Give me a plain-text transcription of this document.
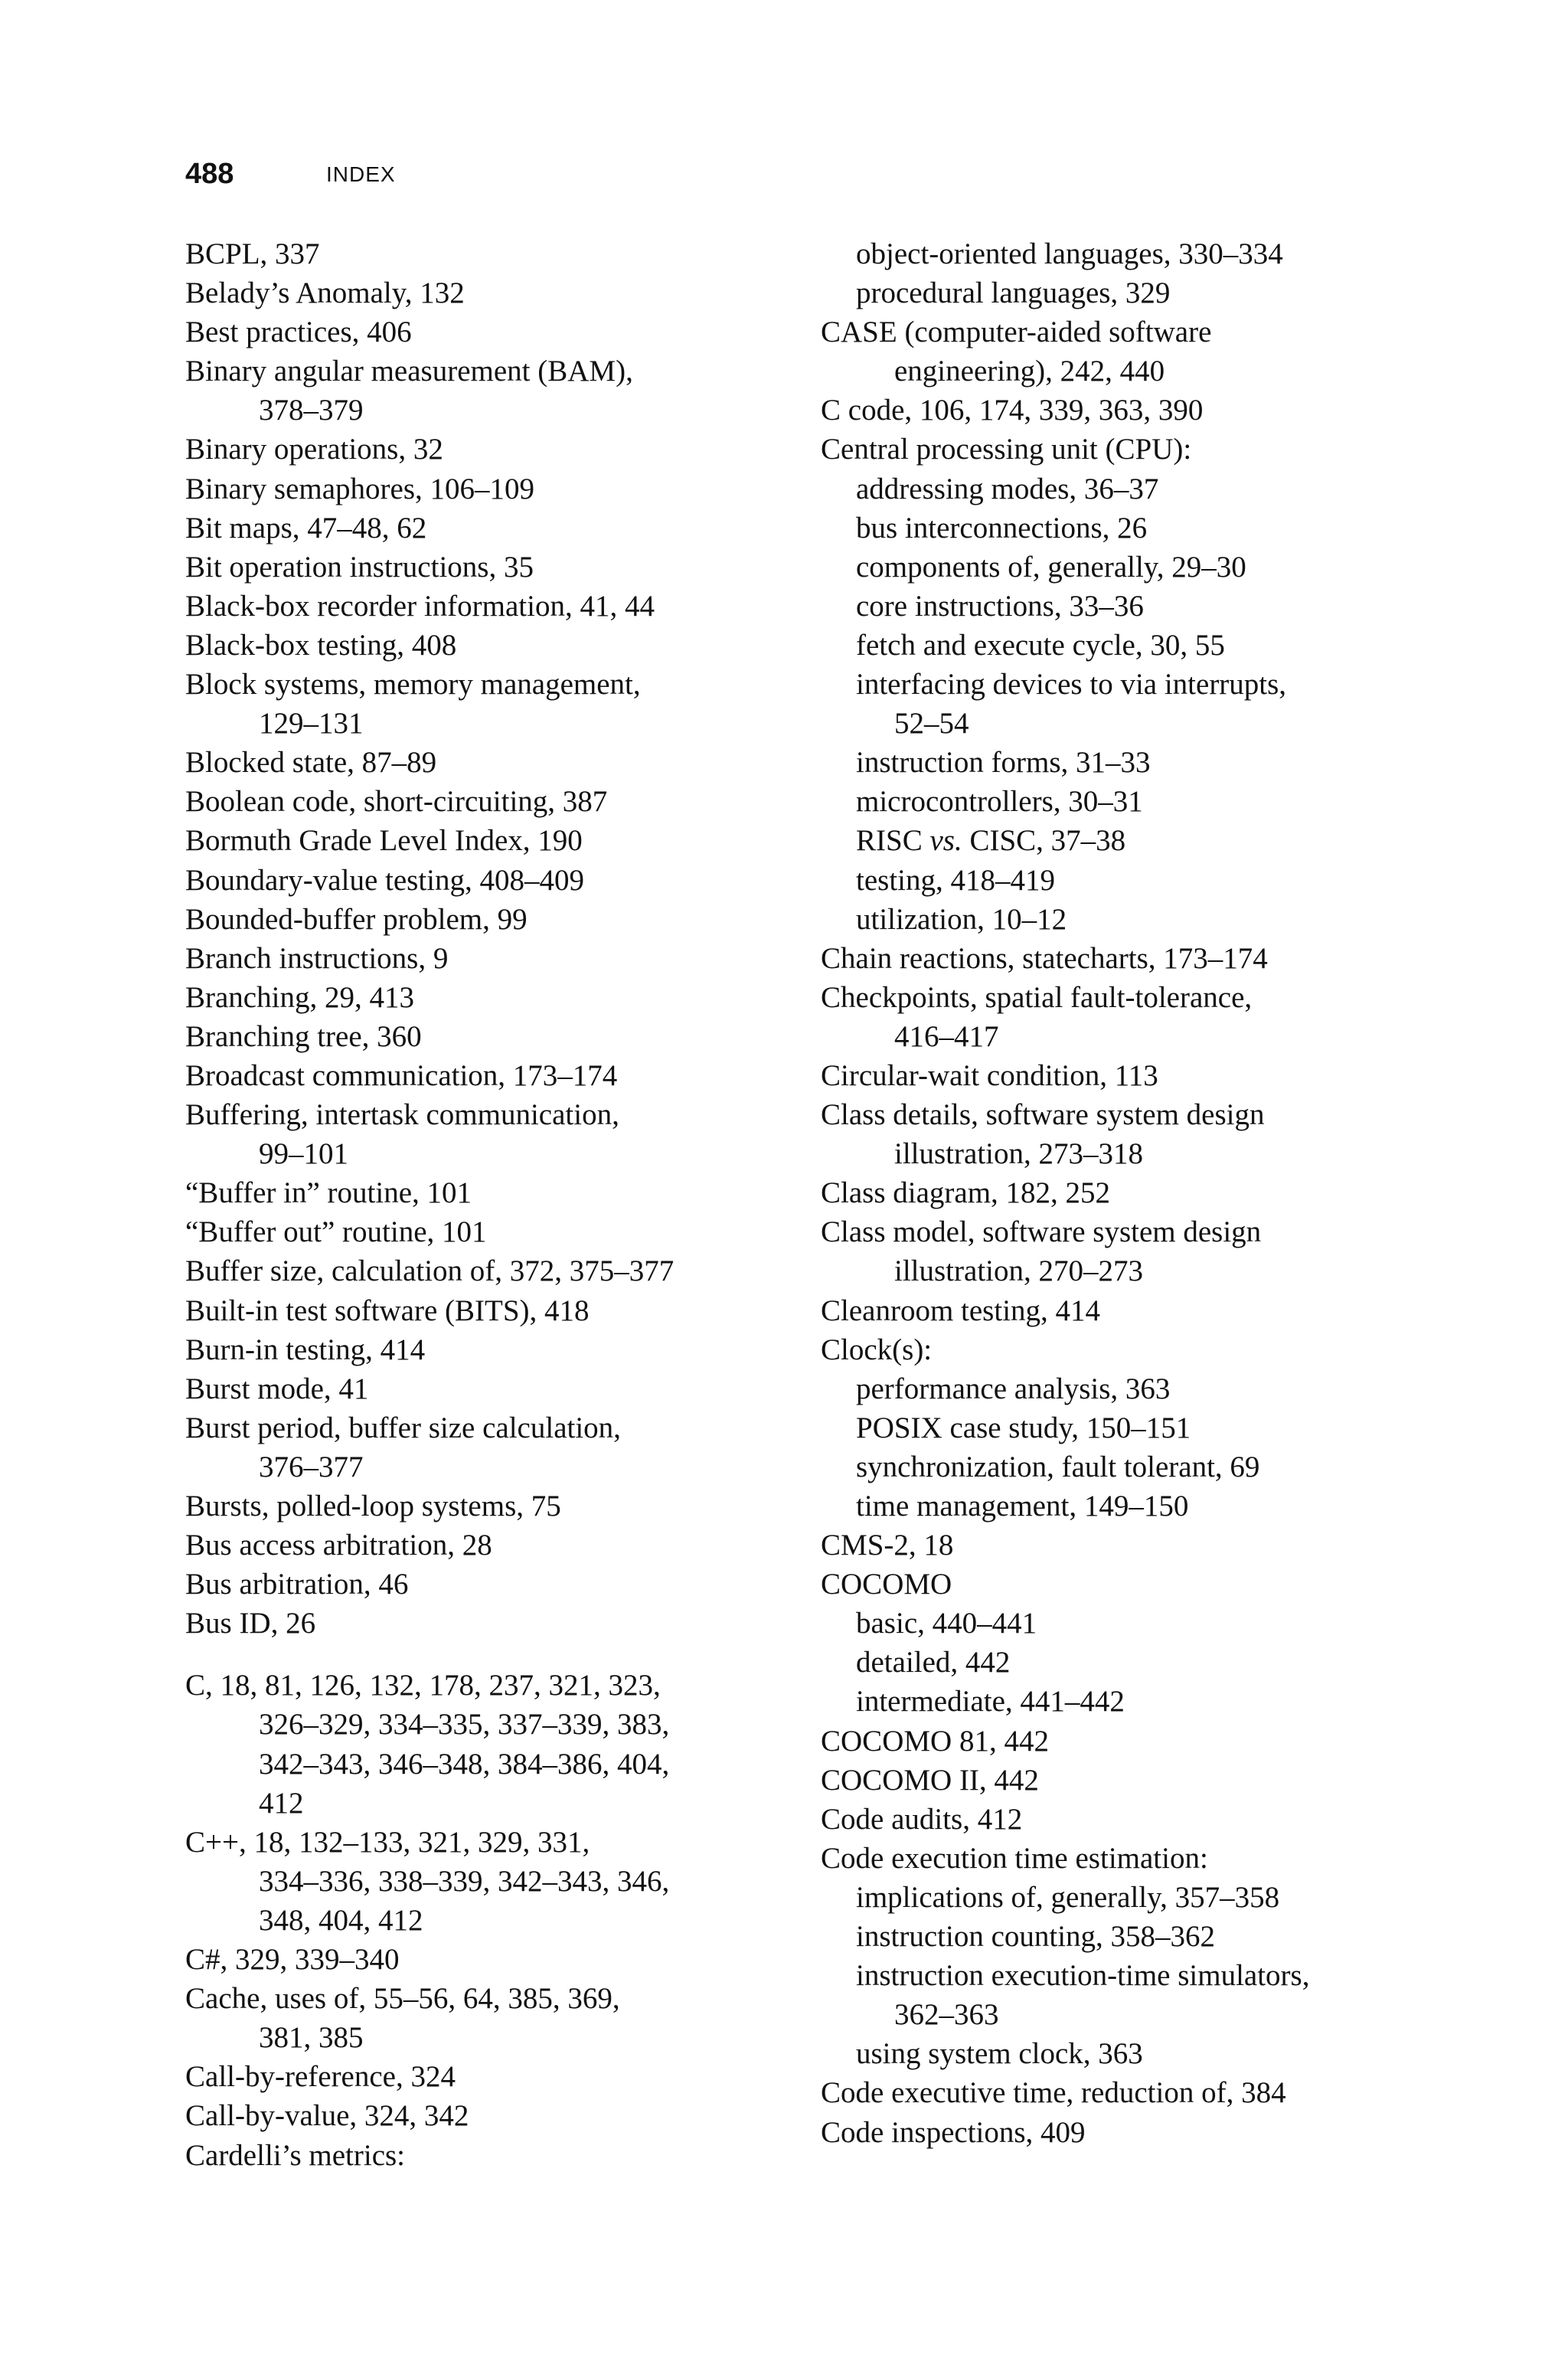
488	INDEX
BCPL, 337
Belady’s Anomaly, 132
Best practices, 406
Binary angular measurement (BAM),
378–379
Binary operations, 32
Binary semaphores, 106–109
Bit maps, 47–48, 62
Bit operation instructions, 35
Black-box recorder information, 41, 44
Black-box testing, 408
Block systems, memory management,
129–131
Blocked state, 87–89
Boolean code, short-circuiting, 387
Bormuth Grade Level Index, 190
Boundary-value testing, 408–409
Bounded-buffer problem, 99
Branch instructions, 9
Branching, 29, 413
Branching tree, 360
Broadcast communication, 173–174
Buffering, intertask communication,
99–101
“Buffer in” routine, 101
“Buffer out” routine, 101
Buffer size, calculation of, 372, 375–377
Built-in test software (BITS), 418
Burn-in testing, 414
Burst mode, 41
Burst period, buffer size calculation,
376–377
Bursts, polled-loop systems, 75
Bus access arbitration, 28
Bus arbitration, 46
Bus ID, 26
C, 18, 81, 126, 132, 178, 237, 321, 323,
326–329, 334–335, 337–339, 383,
342–343, 346–348, 384–386, 404,
412
C++, 18, 132–133, 321, 329, 331,
334–336, 338–339, 342–343, 346,
348, 404, 412
C#, 329, 339–340
Cache, uses of, 55–56, 64, 385, 369,
381, 385
Call-by-reference, 324
Call-by-value, 324, 342
Cardelli’s metrics:
object-oriented languages, 330–334
procedural languages, 329
CASE (computer-aided software
engineering), 242, 440
C code, 106, 174, 339, 363, 390
Central processing unit (CPU):
addressing modes, 36–37
bus interconnections, 26
components of, generally, 29–30
core instructions, 33–36
fetch and execute cycle, 30, 55
interfacing devices to via interrupts,
52–54
instruction forms, 31–33
microcontrollers, 30–31
RISC vs. CISC, 37–38
testing, 418–419
utilization, 10–12
Chain reactions, statecharts, 173–174
Checkpoints, spatial fault-tolerance,
416–417
Circular-wait condition, 113
Class details, software system design
illustration, 273–318
Class diagram, 182, 252
Class model, software system design
illustration, 270–273
Cleanroom testing, 414
Clock(s):
performance analysis, 363
POSIX case study, 150–151
synchronization, fault tolerant, 69
time management, 149–150
CMS-2, 18
COCOMO
basic, 440–441
detailed, 442
intermediate, 441–442
COCOMO 81, 442
COCOMO II, 442
Code audits, 412
Code execution time estimation:
implications of, generally, 357–358
instruction counting, 358–362
instruction execution-time simulators,
362–363
using system clock, 363
Code executive time, reduction of, 384
Code inspections, 409
